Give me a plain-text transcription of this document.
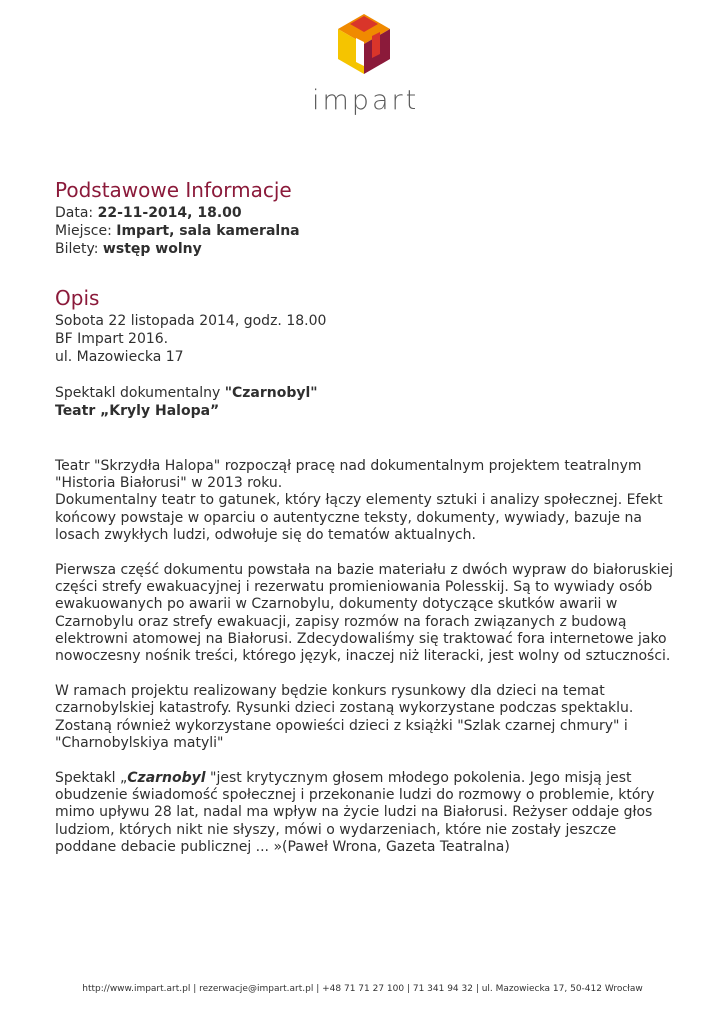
impart
Podstawowe Informacje
Data: 22-11-2014, 18.00
Miejsce: Impart, sala kameralna
Bilety: wstęp wolny
Opis
Sobota 22 listopada 2014, godz. 18.00
BF Impart 2016.
ul. Mazowiecka 17
Spektakl dokumentalny "Czarnobyl"
Teatr „Kryly Halopa”

Teatr "Skrzydła Halopa" rozpoczął pracę nad dokumentalnym projektem teatralnym "Historia Białorusi" w 2013 roku.
Dokumentalny teatr to gatunek, który łączy elementy sztuki i analizy społecznej. Efekt końcowy powstaje w oparciu o autentyczne teksty, dokumenty, wywiady, bazuje na losach zwykłych ludzi, odwołuje się do tematów aktualnych.

Pierwsza część dokumentu powstała na bazie materiału z dwóch wypraw do białoruskiej części strefy ewakuacyjnej i rezerwatu promieniowania Polesskij. Są to wywiady osób ewakuowanych po awarii w Czarnobylu, dokumenty dotyczące skutków awarii w Czarnobylu oraz strefy ewakuacji, zapisy rozmów na forach związanych z budową elektrowni atomowej na Białorusi. Zdecydowaliśmy się traktować fora internetowe jako nowoczesny nośnik treści, którego język, inaczej niż literacki, jest wolny od sztuczności.

W ramach projektu realizowany będzie konkurs rysunkowy dla dzieci na temat czarnobylskiej katastrofy. Rysunki dzieci zostaną wykorzystane podczas spektaklu. Zostaną również wykorzystane opowieści dzieci z książki "Szlak czarnej chmury" i "Charnobylskiya matyli"

Spektakl „Czarnobyl "jest krytycznym głosem młodego pokolenia. Jego misją jest obudzenie świadomość społecznej i przekonanie ludzi do rozmowy o problemie, który mimo upływu 28 lat, nadal ma wpływ na życie ludzi na Białorusi. Reżyser oddaje głos ludziom, których nikt nie słyszy, mówi o wydarzeniach, które nie zostały jeszcze poddane debacie publicznej ... »(Paweł Wrona, Gazeta Teatralna)

http://www.impart.art.pl | rezerwacje@impart.art.pl | +48 71 71 27 100 | 71 341 94 32 | ul. Mazowiecka 17, 50-412 Wrocław
